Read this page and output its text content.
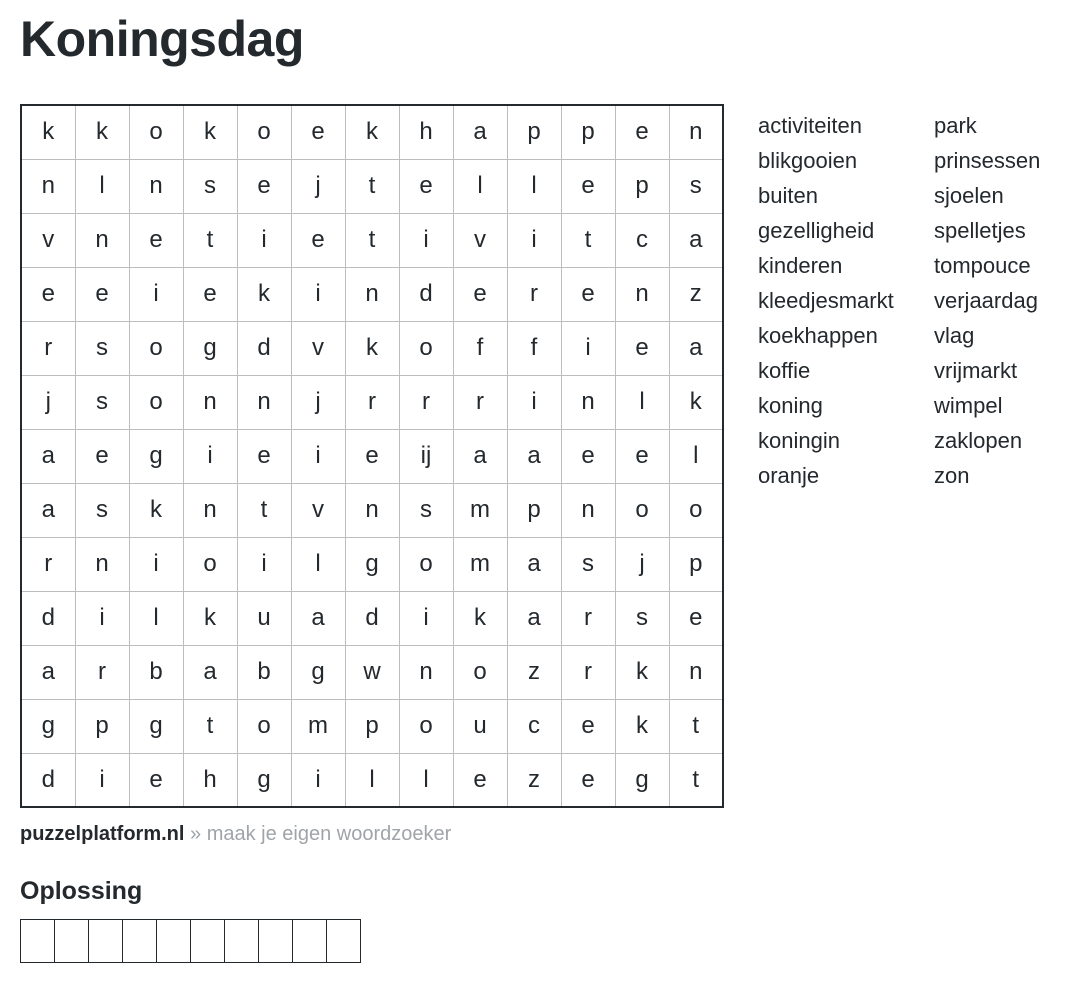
Koningsdag
k	k	o	k	o	e	k	h	a	p	p	e	n
n	l	n	s	e	j	t	e	l	l	e	p	s
v	n	e	t	i	e	t	i	v	i	t	c	a
e	e	i	e	k	i	n	d	e	r	e	n	z
r	s	o	g	d	v	k	o	f	f	i	e	a
j	s	o	n	n	j	r	r	r	i	n	l	k
a	e	g	i	e	i	e	ij	a	a	e	e	l
a	s	k	n	t	v	n	s	m	p	n	o	o
r	n	i	o	i	l	g	o	m	a	s	j	p
d	i	l	k	u	a	d	i	k	a	r	s	e
a	r	b	a	b	g	w	n	o	z	r	k	n
g	p	g	t	o	m	p	o	u	c	e	k	t
d	i	e	h	g	i	l	l	e	z	e	g	t
activiteiten
blikgooien
buiten
gezelligheid
kinderen
kleedjesmarkt
koekhappen
koffie
koning
koningin
oranje
park
prinsessen
sjoelen
spelletjes
tompouce
verjaardag
vlag
vrijmarkt
wimpel
zaklopen
zon
puzzelplatform.nl » maak je eigen woordzoeker
Oplossing
